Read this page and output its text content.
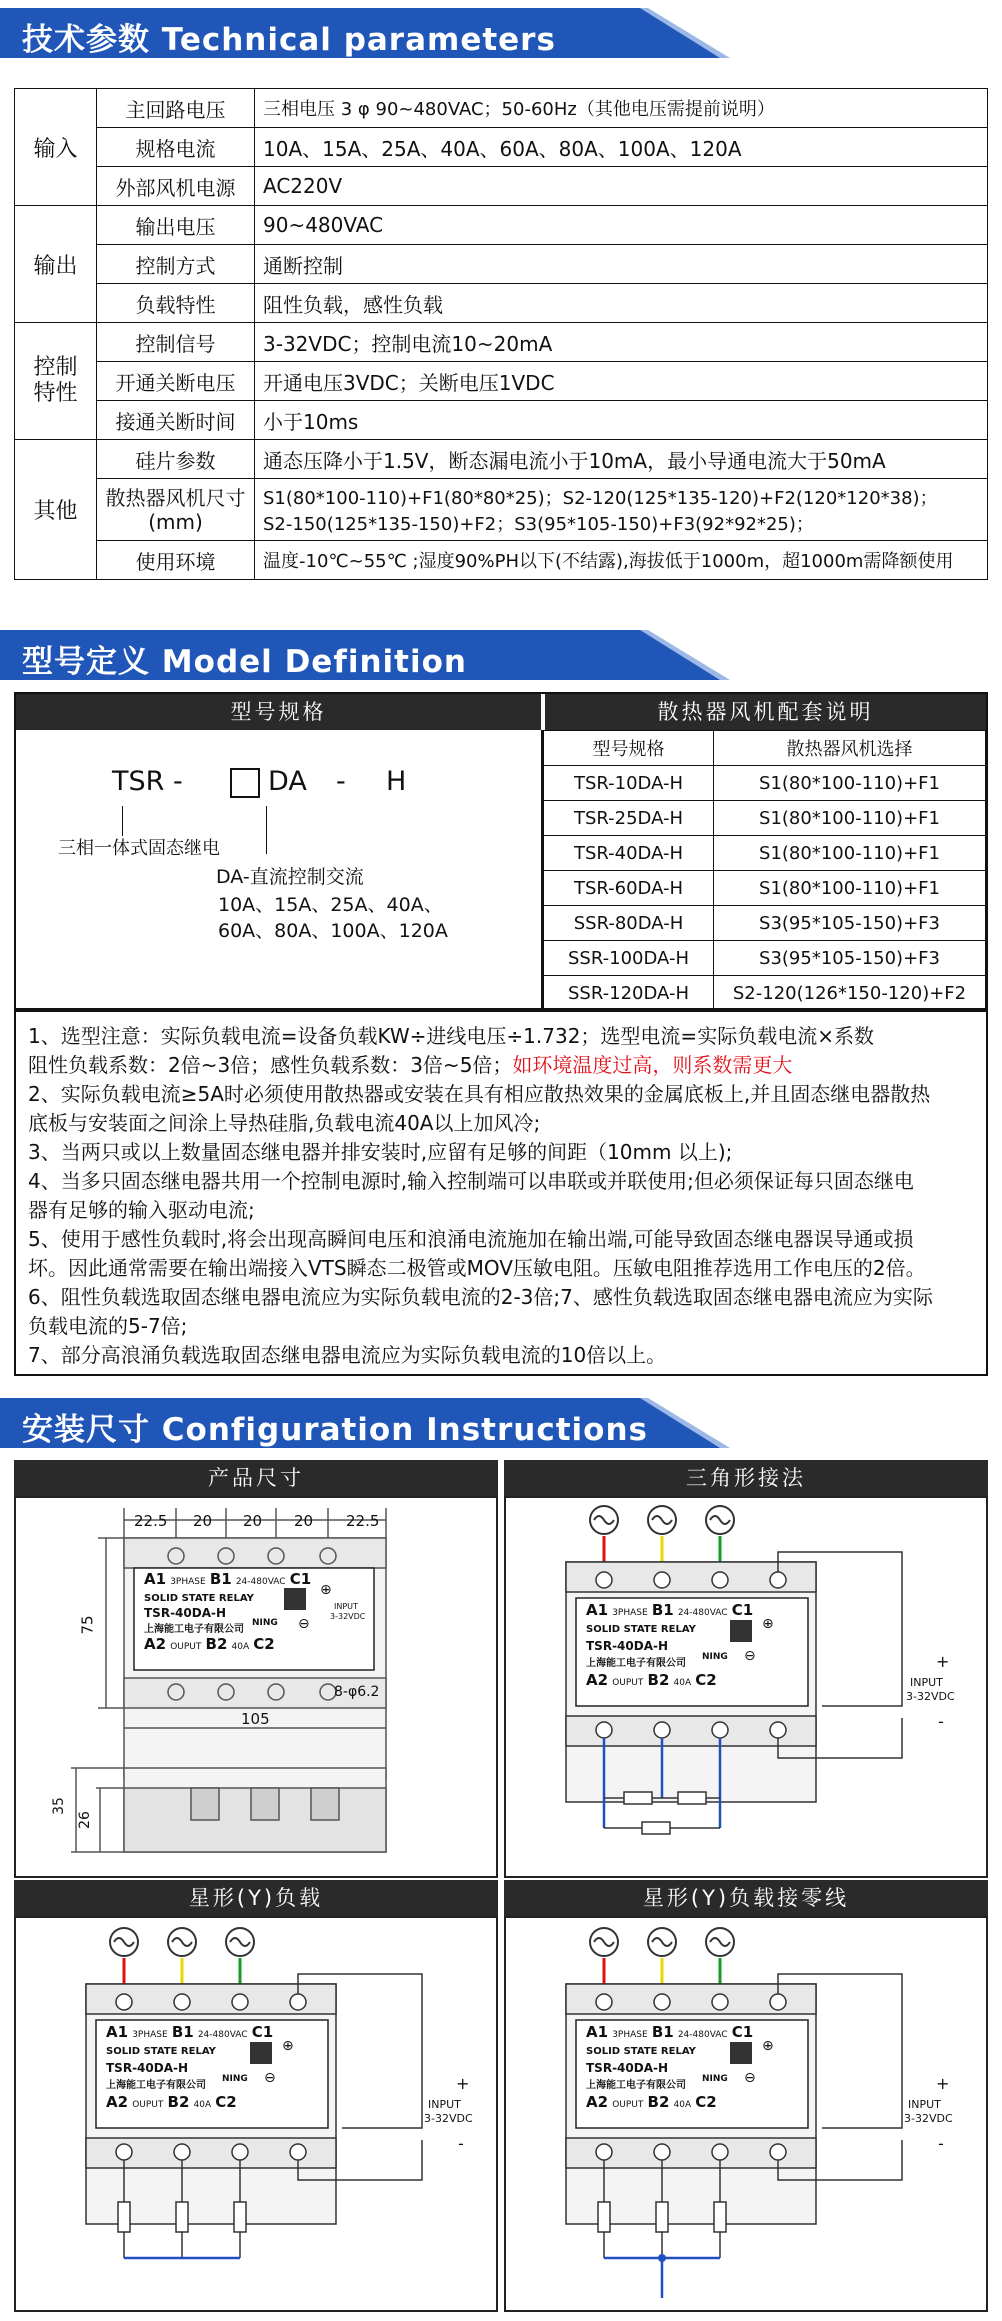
技术参数 Technical parameters
输入	主回路电压	三相电压 3 φ 90~480VAC；50-60Hz（其他电压需提前说明）
	规格电流	10A、15A、25A、40A、60A、80A、100A、120A
	外部风机电源	AC220V
输出	输出电压	90~480VAC
	控制方式	通断控制
	负载特性	阻性负载，感性负载
控制特性	控制信号	3-32VDC；控制电流10~20mA
	开通关断电压	开通电压3VDC；关断电压1VDC
	接通关断时间	小于10ms
其他	硅片参数	通态压降小于1.5V，断态漏电流小于10mA，最小导通电流大于50mA
	散热器风机尺寸(mm)	S1(80*100-110)+F1(80*80*25)；S2-120(125*135-120)+F2(120*120*38)；
S2-150(125*135-150)+F2；S3(95*105-150)+F3(92*92*25)；

	使用环境	温度-10℃~55℃ ;湿度90%PH以下(不结露),海拔低于1000m，超1000m需降额使用
型号定义 Model Definition
型号规格	散热器风机配套说明
TSR -	DA - H
三相一体式固态继电
DA-直流控制交流
10A、15A、25A、40A、
60A、80A、100A、120A
型号规格	散热器风机选择
TSR-10DA-H	S1(80*100-110)+F1
TSR-25DA-H	S1(80*100-110)+F1
TSR-40DA-H	S1(80*100-110)+F1
TSR-60DA-H	S1(80*100-110)+F1
SSR-80DA-H	S3(95*105-150)+F3
SSR-100DA-H	S3(95*105-150)+F3
SSR-120DA-H	S2-120(126*150-120)+F2

1、选型注意：实际负载电流=设备负载KW÷进线电压÷1.732；选型电流=实际负载电流×系数

阻性负载系数：2倍~3倍；感性负载系数：3倍~5倍；如环境温度过高，则系数需更大

2、实际负载电流≥5A时必须使用散热器或安装在具有相应散热效果的金属底板上,并且固态继电器散热

底板与安装面之间涂上导热硅脂,负载电流40A以上加风冷;

3、当两只或以上数量固态继电器并排安装时,应留有足够的间距（10mm 以上);

4、当多只固态继电器共用一个控制电源时,输入控制端可以串联或并联使用;但必须保证每只固态继电

器有足够的输入驱动电流;

5、使用于感性负载时,将会出现高瞬间电压和浪涌电流施加在输出端,可能导致固态继电器误导通或损

坏。因此通常需要在输出端接入VTS瞬态二极管或MOV压敏电阻。压敏电阻推荐选用工作电压的2倍。

6、阻性负载选取固态继电器电流应为实际负载电流的2-3倍;7、感性负载选取固态继电器电流应为实际

负载电流的5-7倍;

7、部分高浪涌负载选取固态继电器电流应为实际负载电流的10倍以上。

安装尺寸 Configuration Instructions
产品尺寸	三角形接法
22.5 20 20 20 22.5
75
105
8-φ6.2
35
26
A1 3PHASE B1 24-480VAC C1
SOLID STATE RELAY
TSR-40DA-H
上海能工电子有限公司
A2 OUPUT B2 40A C2
NING
⊕
⊖
INPUT
3-32VDC	A1 3PHASE B1 24-480VAC C1
SOLID STATE RELAY
TSR-40DA-H
上海能工电子有限公司
A2 OUPUT B2 40A C2
NING
⊕
⊖
INPUT
3-32VDC
+
-
星形(Y)负载	星形(Y)负载接零线
A1 3PHASE B1 24-480VAC C1
SOLID STATE RELAY
TSR-40DA-H
上海能工电子有限公司
A2 OUPUT B2 40A C2
NING
⊕
⊖
INPUT
3-32VDC
+
-
A1 3PHASE B1 24-480VAC C1
SOLID STATE RELAY
TSR-40DA-H
上海能工电子有限公司
A2 OUPUT B2 40A C2
NING
⊕
⊖
INPUT
3-32VDC
+
-
